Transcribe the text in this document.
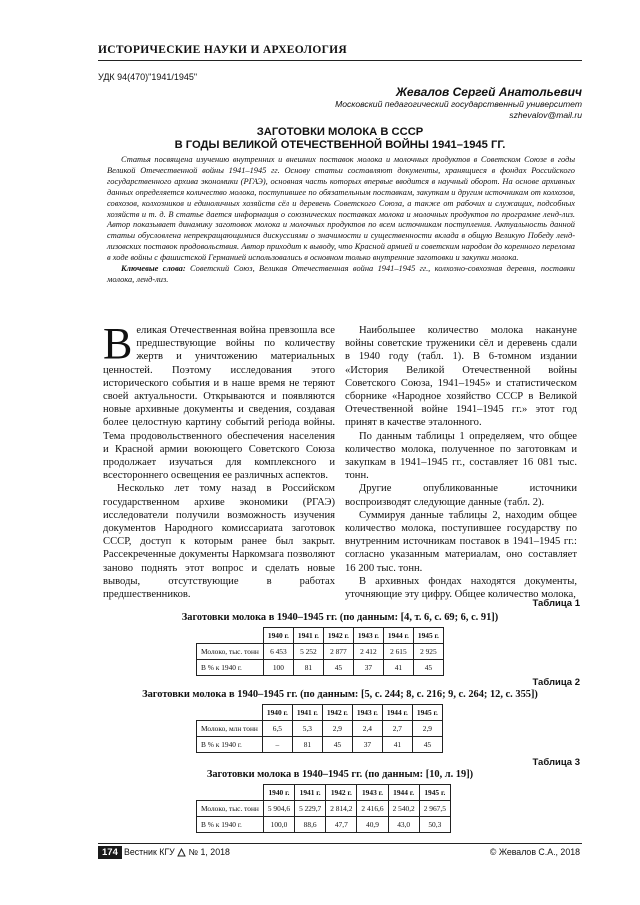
ИСТОРИЧЕСКИЕ НАУКИ И АРХЕОЛОГИЯ
УДК 94(470)"1941/1945"
Жевалов Сергей Анатольевич
Московский педагогический государственный университет
szhevalov@mail.ru
ЗАГОТОВКИ МОЛОКА В СССР
В ГОДЫ ВЕЛИКОЙ ОТЕЧЕСТВЕННОЙ ВОЙНЫ 1941–1945 ГГ.

Статья посвящена изучению внутренних и внешних поставок молока и молочных продуктов в Советском Союзе в годы Великой Отечественной войны 1941–1945 гг. Основу статьи составляют документы, хранящиеся в фондах Российского государственного архива экономики (РГАЭ), основная часть которых впервые вводится в научный оборот. На основе архивных данных определяется количество молока, поступившее по обязательным поставкам, закупкам и другим источникам от колхозов, совхозов, колхозников и единоличных хозяйств сёл и деревень Советского Союза, а также от рабочих и служащих, подсобных хозяйств и т. д. В статье дается информация о союзнических поставках молока и молочных продуктов по программе ленд-лиз. Автор показывает динамику заготовок молока и молочных продуктов по всем источникам поступления. Актуальность данной статьи обусловлена непрекращающимися дискуссиями о значимости и существенности вклада в общую Великую Победу ленд-лизовских поставок продовольствия. Автор приходит к выводу, что Красной армией и советским народом до коренного перелома в ходе войны с фашистской Германией использовались в основном только внутренние заготовки и закупки молока.

Ключевые слова: Советский Союз, Великая Отечественная война 1941–1945 гг., колхозно-совхозная деревня, поставки молока, ленд-лиз.

Великая Отечественная война превзошла все предшествующие войны по количеству жертв и уничтожению материальных ценностей. Поэтому исследования этого исторического события и в наше время не теряют своей актуальности. Открываются и появляются новые архивные документы и сведения, создавая более целостную картину событий periода войны. Тема продовольственного обеспечения населения и Красной армии воюющего Советского Союза продолжает изучаться для комплексного и всестороннего освещения ее различных аспектов.

Несколько лет тому назад в Российском государственном архиве экономики (РГАЭ) исследователи получили возможность изучения документов Народного комиссариата заготовок СССР, доступ к которым ранее был закрыт. Рассекреченные документы Наркомзага позволяют заново поднять этот вопрос и сделать новые выводы, отсутствующие в работах предшественников.

Наибольшее количество молока накануне войны советские труженики сёл и деревень сдали в 1940 году (табл. 1). В 6-томном издании «История Великой Отечественной войны Советского Союза, 1941–1945» и статистическом сборнике «Народное хозяйство СССР в Великой Отечественной войне 1941–1945 гг.» этот год принят в качестве эталонного.

По данным таблицы 1 определяем, что общее количество молока, полученное по заготовкам и закупкам в 1941–1945 гг., составляет 16 081 тыс. тонн.

Другие опубликованные источники воспроизводят следующие данные (табл. 2).

Суммируя данные таблицы 2, находим общее количество молока, поступившее государству по внутренним источникам поставок в 1941–1945 гг.: согласно указанным материалам, оно составляет 16 200 тыс. тонн.

В архивных фондах находятся документы, уточняющие эту цифру. Общее количество молока,

Таблица 1
Заготовки молока в 1940–1945 гг. (по данным: [4, т. 6, с. 69; 6, с. 91])
	1940 г.	1941 г.	1942 г.	1943 г.	1944 г.	1945 г.
Молоко, тыс. тонн	6 453	5 252	2 877	2 412	2 615	2 925
В % к 1940 г.	100	81	45	37	41	45
Таблица 2
Заготовки молока в 1940–1945 гг. (по данным: [5, с. 244; 8, с. 216; 9, с. 264; 12, с. 355])
	1940 г.	1941 г.	1942 г.	1943 г.	1944 г.	1945 г.
Молоко, млн тонн	6,5	5,3	2,9	2,4	2,7	2,9
В % к 1940 г.	–	81	45	37	41	45
Таблица 3
Заготовки молока в 1940–1945 гг. (по данным: [10, л. 19])
	1940 г.	1941 г.	1942 г.	1943 г.	1944 г.	1945 г.
Молоко, тыс. тонн	5 904,6	5 229,7	2 814,2	2 416,6	2 540,2	2 967,5
В % к 1940 г.	100,0	88,6	47,7	40,9	43,0	50,3
174 Вестник КГУ № 1, 2018	© Жевалов С.А., 2018
